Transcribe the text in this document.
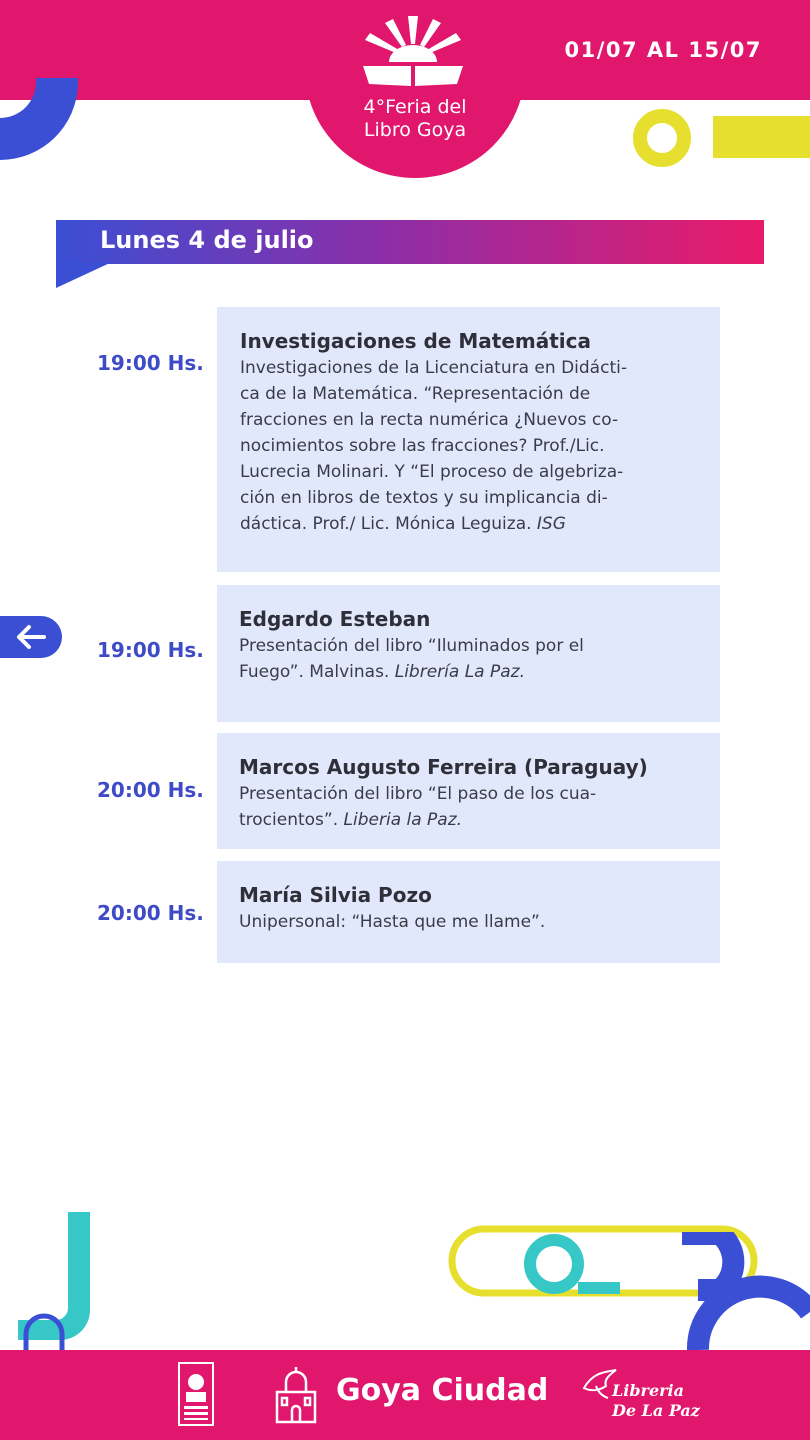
01/07 AL 15/07
4°Feria del
Libro Goya
Lunes 4 de julio
19:00 Hs.
Investigaciones de Matemática
Investigaciones de la Licenciatura en Didácti-
ca de la Matemática. “Representación de
fracciones en la recta numérica ¿Nuevos co-
nocimientos sobre las fracciones? Prof./Lic.
Lucrecia Molinari. Y “El proceso de algebriza-
ción en libros de textos y su implicancia di-
dáctica. Prof./ Lic. Mónica Leguiza. ISG
19:00 Hs.
Edgardo Esteban
Presentación del libro “Iluminados por el
Fuego”. Malvinas. Librería La Paz.
20:00 Hs.
Marcos Augusto Ferreira (Paraguay)
Presentación del libro “El paso de los cua-
trocientos”. Liberia la Paz.
20:00 Hs.
María Silvia Pozo
Unipersonal: “Hasta que me llame”.
Goya Ciudad	Libreria
De La Paz
